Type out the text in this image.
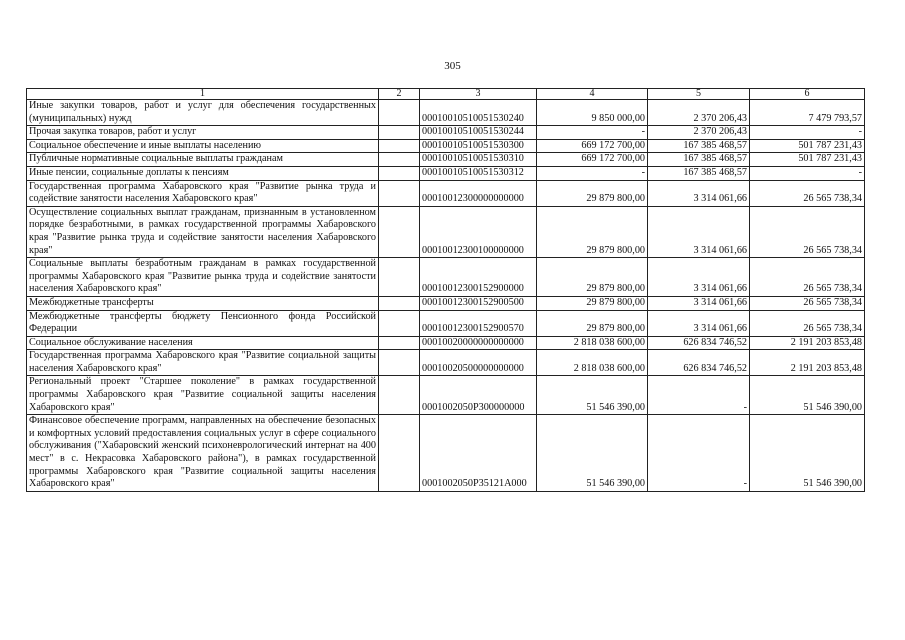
305
1	2	3	4	5	6
Иные закупки товаров, работ и услуг для обеспечения государственных (муниципальных) нужд		00010010510051530240	9 850 000,00	2 370 206,43	7 479 793,57
Прочая закупка товаров, работ и услуг		00010010510051530244	-	2 370 206,43	-
Социальное обеспечение и иные выплаты населению		00010010510051530300	669 172 700,00	167 385 468,57	501 787 231,43
Публичные нормативные социальные выплаты гражданам		00010010510051530310	669 172 700,00	167 385 468,57	501 787 231,43
Иные пенсии, социальные доплаты к пенсиям		00010010510051530312	-	167 385 468,57	-
Государственная программа Хабаровского края "Развитие рынка труда и содействие занятости населения Хабаровского края"		00010012300000000000	29 879 800,00	3 314 061,66	26 565 738,34
Осуществление социальных выплат гражданам, признанным в установленном порядке безработными, в рамках государственной программы Хабаровского края "Развитие рынка труда и содействие занятости населения Хабаровского края"		00010012300100000000	29 879 800,00	3 314 061,66	26 565 738,34
Социальные выплаты безработным гражданам в рамках государственной программы Хабаровского края "Развитие рынка труда и содействие занятости населения Хабаровского края"		00010012300152900000	29 879 800,00	3 314 061,66	26 565 738,34
Межбюджетные трансферты		00010012300152900500	29 879 800,00	3 314 061,66	26 565 738,34
Межбюджетные трансферты бюджету Пенсионного фонда Российской Федерации		00010012300152900570	29 879 800,00	3 314 061,66	26 565 738,34
Социальное обслуживание населения		00010020000000000000	2 818 038 600,00	626 834 746,52	2 191 203 853,48
Государственная программа Хабаровского края "Развитие социальной защиты населения Хабаровского края"		00010020500000000000	2 818 038 600,00	626 834 746,52	2 191 203 853,48
Региональный проект "Старшее поколение" в рамках государственной программы Хабаровского края "Развитие социальной защиты населения Хабаровского края"		0001002050P300000000	51 546 390,00	-	51 546 390,00
Финансовое обеспечение программ, направленных на обеспечение безопасных и комфортных условий предоставления социальных услуг в сфере социального обслуживания ("Хабаровский женский психоневрологический интернат на 400 мест" в с. Некрасовка Хабаровского района"), в рамках государственной программы Хабаровского края "Развитие социальной защиты населения Хабаровского края"		0001002050P35121A000	51 546 390,00	-	51 546 390,00
